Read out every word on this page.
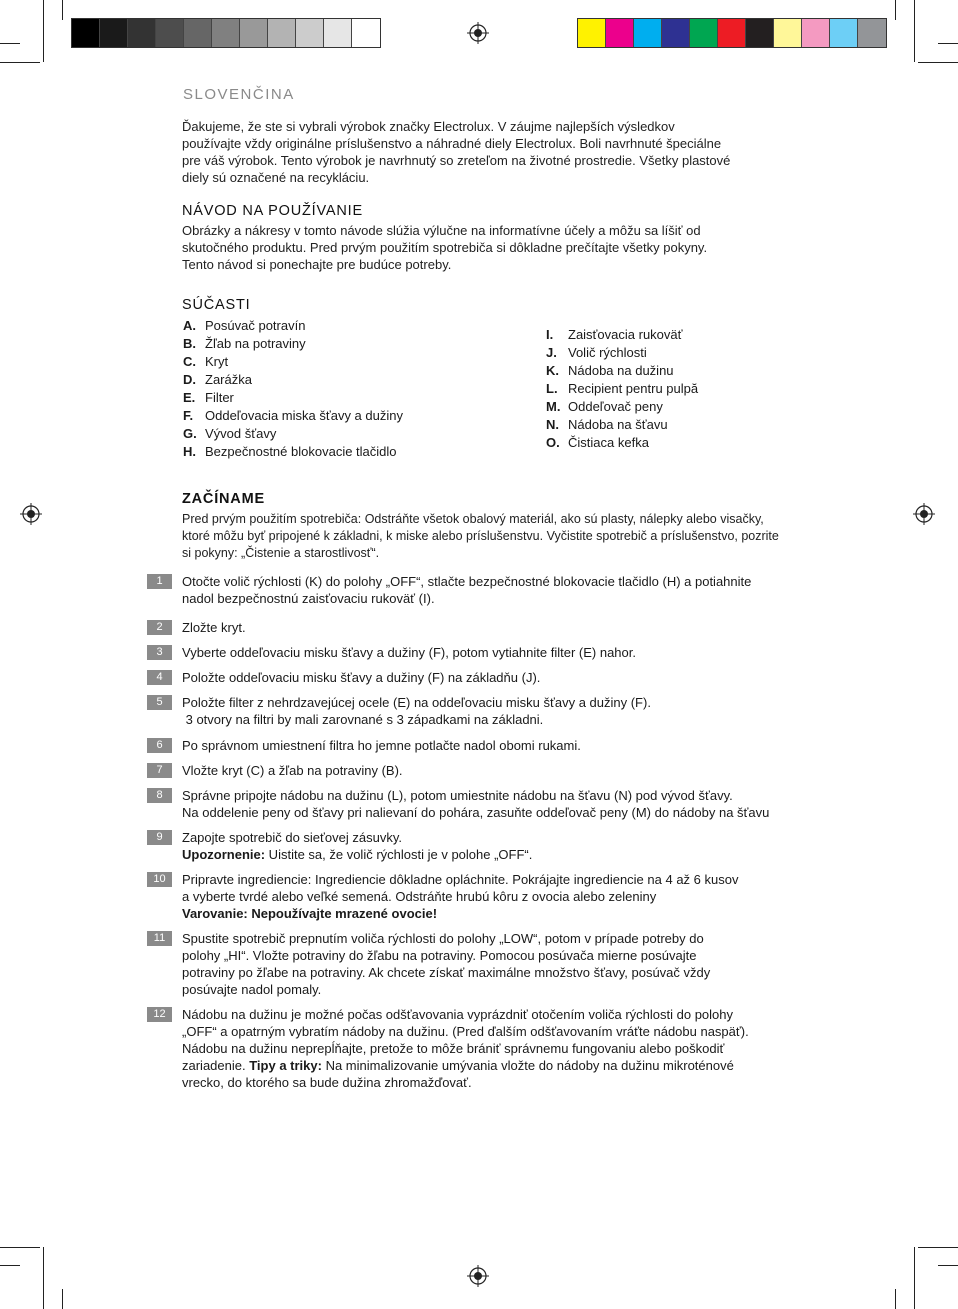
SLOVENČINA
Ďakujeme, že ste si vybrali výrobok značky Electrolux. V záujme najlepších výsledkov
používajte vždy originálne príslušenstvo a náhradné diely Electrolux. Boli navrhnuté špeciálne
pre váš výrobok. Tento výrobok je navrhnutý so zreteľom na životné prostredie. Všetky plastové
diely sú označené na recykláciu.
NÁVOD NA POUŽÍVANIE
Obrázky a nákresy v tomto návode slúžia výlučne na informatívne účely a môžu sa líšiť od
skutočného produktu. Pred prvým použitím spotrebiča si dôkladne prečítajte všetky pokyny.
Tento návod si ponechajte pre budúce potreby.
SÚČASTI
A. Posúvač potravín
B. Žľab na potraviny
C. Kryt
D. Zarážka
E. Filter
F. Oddeľovacia miska šťavy a dužiny
G. Vývod šťavy
H. Bezpečnostné blokovacie tlačidlo
I.	Zaisťovacia rukoväť
J. Volič rýchlosti
K. Nádoba na dužinu
L. Recipient pentru pulpă
M. Oddeľovač peny
N. Nádoba na šťavu
O. Čistiaca kefka
ZAČÍNAME
Pred prvým použitím spotrebiča: Odstráňte všetok obalový materiál, ako sú plasty, nálepky alebo visačky,
ktoré môžu byť pripojené k základni, k miske alebo príslušenstvu. Vyčistite spotrebič a príslušenstvo, pozrite
si pokyny: „Čistenie a starostlivosť“.
1	Otočte volič rýchlosti (K) do polohy „OFF“, stlačte bezpečnostné blokovacie tlačidlo (H) a potiahnite
nadol bezpečnostnú zaisťovaciu rukoväť (I).
2	Zložte kryt.
3	Vyberte oddeľovaciu misku šťavy a dužiny (F), potom vytiahnite filter (E) nahor.
4	Položte oddeľovaciu misku šťavy a dužiny (F) na základňu (J).
5	Položte filter z nehrdzavejúcej ocele (E) na oddeľovaciu misku šťavy a dužiny (F).
3 otvory na filtri by mali zarovnané s 3 západkami na základni.
6	Po správnom umiestnení filtra ho jemne potlačte nadol obomi rukami.
7	Vložte kryt (C) a žľab na potraviny (B).
8	Správne pripojte nádobu na dužinu (L), potom umiestnite nádobu na šťavu (N) pod vývod šťavy.
Na oddelenie peny od šťavy pri nalievaní do pohára, zasuňte oddeľovač peny (M) do nádoby na šťavu
9	Zapojte spotrebič do sieťovej zásuvky.
Upozornenie: Uistite sa, že volič rýchlosti je v polohe „OFF“.
10	Pripravte ingrediencie: Ingrediencie dôkladne opláchnite. Pokrájajte ingrediencie na 4 až 6 kusov
a vyberte tvrdé alebo veľké semená. Odstráňte hrubú kôru z ovocia alebo zeleniny
Varovanie: Nepoužívajte mrazené ovocie!
11	Spustite spotrebič prepnutím voliča rýchlosti do polohy „LOW“, potom v prípade potreby do
polohy „HI“. Vložte potraviny do žľabu na potraviny. Pomocou posúvača mierne posúvajte
potraviny po žľabe na potraviny. Ak chcete získať maximálne množstvo šťavy, posúvač vždy
posúvajte nadol pomaly.
12	Nádobu na dužinu je možné počas odšťavovania vyprázdniť otočením voliča rýchlosti do polohy
„OFF“ a opatrným vybratím nádoby na dužinu. (Pred ďalším odšťavovaním vráťte nádobu naspäť).
Nádobu na dužinu neprepĺňajte, pretože to môže brániť správnemu fungovaniu alebo poškodiť
zariadenie. Tipy a triky: Na minimalizovanie umývania vložte do nádoby na dužinu mikroténové
vrecko, do ktorého sa bude dužina zhromažďovať.
